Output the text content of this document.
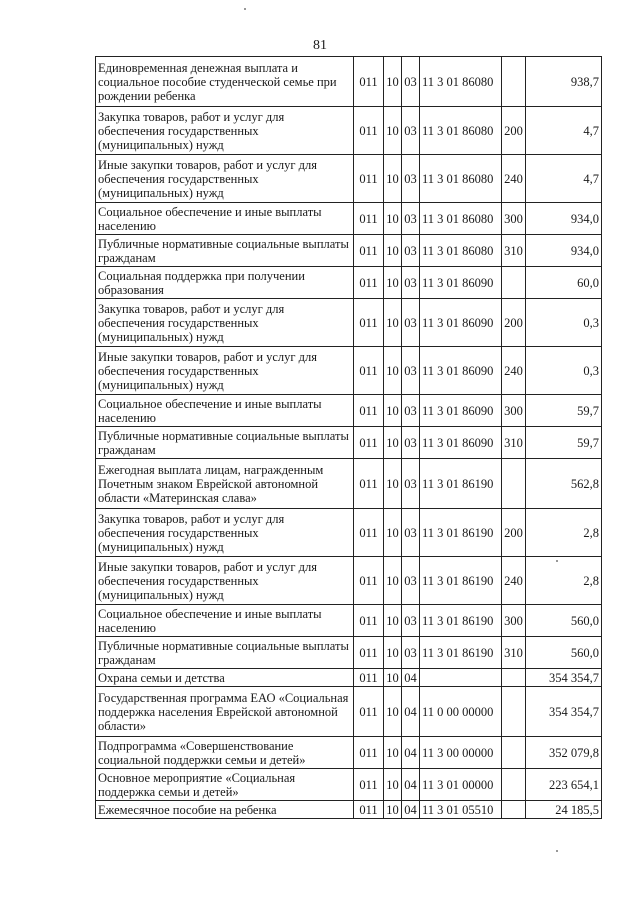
81
Единовременная денежная выплата и социальное пособие студенческой семье при рождении ребенка	011	10	03	11 3 01 86080		938,7
Закупка товаров, работ и услуг для обеспечения государственных (муниципальных) нужд	011	10	03	11 3 01 86080	200	4,7
Иные закупки товаров, работ и услуг для обеспечения государственных (муниципальных) нужд	011	10	03	11 3 01 86080	240	4,7
Социальное обеспечение и иные выплаты населению	011	10	03	11 3 01 86080	300	934,0
Публичные нормативные социальные выплаты гражданам	011	10	03	11 3 01 86080	310	934,0
Социальная поддержка при получении образования	011	10	03	11 3 01 86090		60,0
Закупка товаров, работ и услуг для обеспечения государственных (муниципальных) нужд	011	10	03	11 3 01 86090	200	0,3
Иные закупки товаров, работ и услуг для обеспечения государственных (муниципальных) нужд	011	10	03	11 3 01 86090	240	0,3
Социальное обеспечение и иные выплаты населению	011	10	03	11 3 01 86090	300	59,7
Публичные нормативные социальные выплаты гражданам	011	10	03	11 3 01 86090	310	59,7
Ежегодная выплата лицам, награжденным Почетным знаком Еврейской автономной области «Материнская слава»	011	10	03	11 3 01 86190		562,8
Закупка товаров, работ и услуг для обеспечения государственных (муниципальных) нужд	011	10	03	11 3 01 86190	200	2,8
Иные закупки товаров, работ и услуг для обеспечения государственных (муниципальных) нужд	011	10	03	11 3 01 86190	240	2,8
Социальное обеспечение и иные выплаты населению	011	10	03	11 3 01 86190	300	560,0
Публичные нормативные социальные выплаты гражданам	011	10	03	11 3 01 86190	310	560,0
Охрана семьи и детства	011	10	04			354 354,7
Государственная программа ЕАО «Социальная поддержка населения Еврейской автономной области»	011	10	04	11 0 00 00000		354 354,7
Подпрограмма «Совершенствование социальной поддержки семьи и детей»	011	10	04	11 3 00 00000		352 079,8
Основное мероприятие «Социальная поддержка семьи и детей»	011	10	04	11 3 01 00000		223 654,1
Ежемесячное пособие на ребенка	011	10	04	11 3 01 05510		24 185,5
